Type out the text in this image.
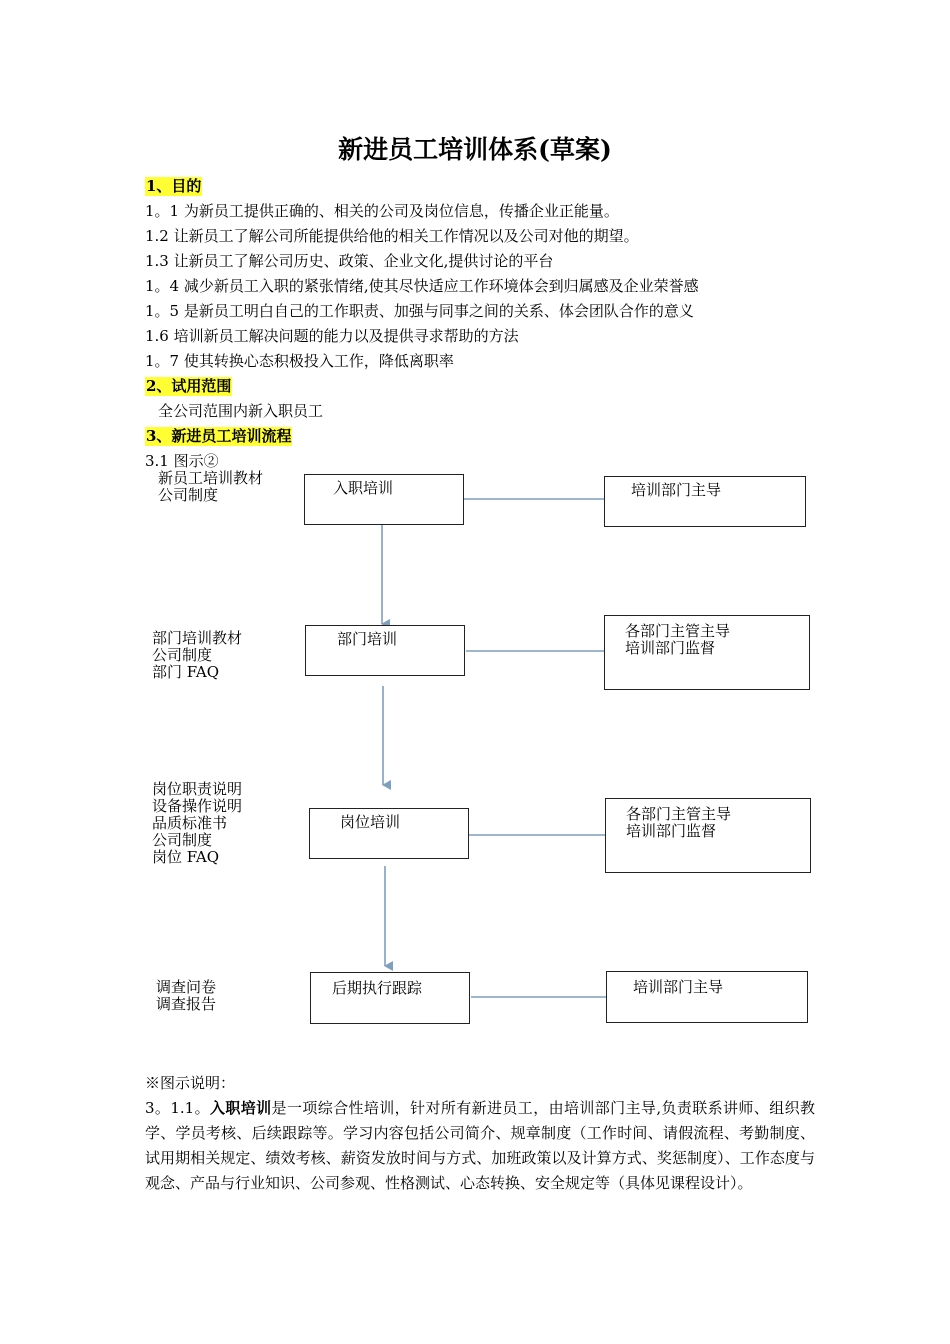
新进员工培训体系(草案)
1、目的
1。1 为新员工提供正确的、相关的公司及岗位信息，传播企业正能量。
1.2 让新员工了解公司所能提供给他的相关工作情况以及公司对他的期望。
1.3 让新员工了解公司历史、政策、企业文化,提供讨论的平台
1。4 减少新员工入职的紧张情绪,使其尽快适应工作环境体会到归属感及企业荣誉感
1。5 是新员工明白自己的工作职责、加强与同事之间的关系、体会团队合作的意义
1.6 培训新员工解决问题的能力以及提供寻求帮助的方法
1。7 使其转换心态积极投入工作，降低离职率
2、试用范围
全公司范围内新入职员工
3、新进员工培训流程
3.1 图示②
新员工培训教材
公司制度	入职培训	培训部门主导
部门培训教材
公司制度
部门 FAQ
部门培训	各部门主管主导
培训部门监督
岗位职责说明
设备操作说明
品质标准书
公司制度
岗位 FAQ
岗位培训	各部门主管主导
培训部门监督
调查问卷
调查报告
后期执行跟踪	培训部门主导
※图示说明：
3。1.1。入职培训是一项综合性培训，针对所有新进员工，由培训部门主导,负责联系讲师、组织教学、学员考核、后续跟踪等。学习内容包括公司简介、规章制度（工作时间、请假流程、考勤制度、试用期相关规定、绩效考核、薪资发放时间与方式、加班政策以及计算方式、奖惩制度）、工作态度与观念、产品与行业知识、公司参观、性格测试、心态转换、安全规定等（具体见课程设计）。
